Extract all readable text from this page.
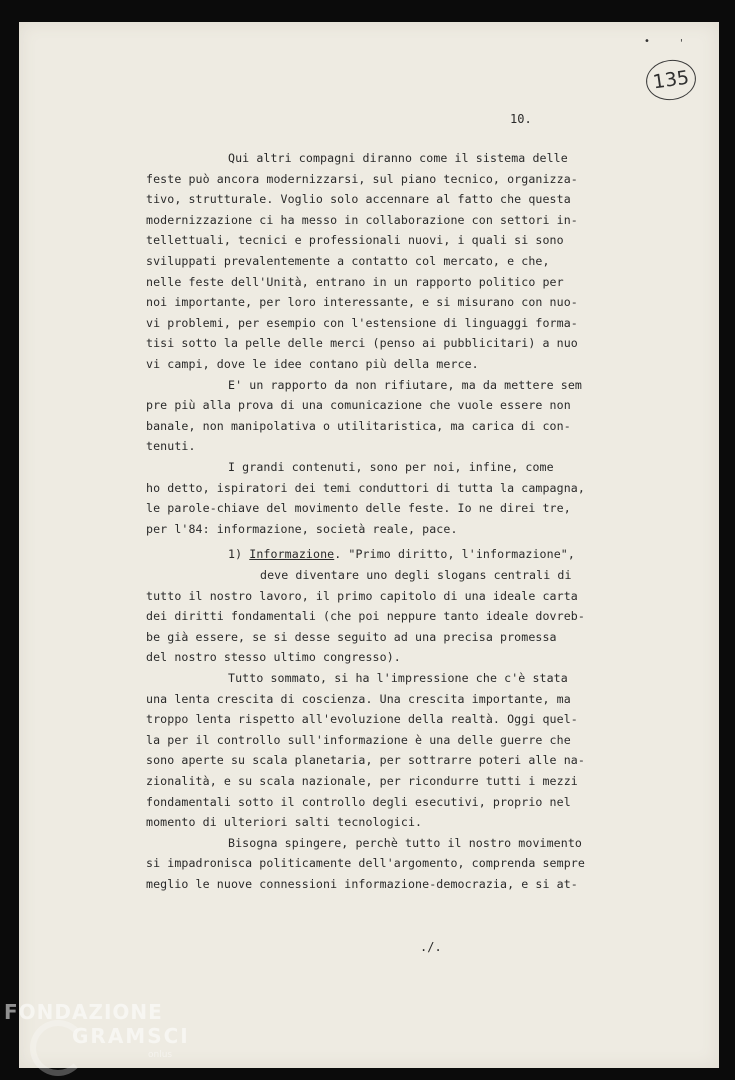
10.
135
•	'
Qui altri compagni diranno come il sistema delle
feste può ancora modernizzarsi, sul piano tecnico, organizza-
tivo, strutturale. Voglio solo accennare al fatto che questa
modernizzazione ci ha messo in collaborazione con settori in-
tellettuali, tecnici e professionali nuovi, i quali si sono
sviluppati prevalentemente a contatto col mercato, e che,
nelle feste dell'Unità, entrano in un rapporto politico per
noi importante, per loro interessante, e si misurano con nuo-
vi problemi, per esempio con l'estensione di linguaggi forma-
tisi sotto la pelle delle merci (penso ai pubblicitari) a nuo
vi campi, dove le idee contano più della merce.
E' un rapporto da non rifiutare, ma da mettere sem
pre più alla prova di una comunicazione che vuole essere non
banale, non manipolativa o utilitaristica, ma carica di con-
tenuti.
I grandi contenuti, sono per noi, infine, come
ho detto, ispiratori dei temi conduttori di tutta la campagna,
le parole-chiave del movimento delle feste. Io ne direi tre,
per l'84: informazione, società reale, pace.
1) Informazione. "Primo diritto, l'informazione",
deve diventare uno degli slogans centrali di
tutto il nostro lavoro, il primo capitolo di una ideale carta
dei diritti fondamentali (che poi neppure tanto ideale dovreb-
be già essere, se si desse seguito ad una precisa promessa
del nostro stesso ultimo congresso).
Tutto sommato, si ha l'impressione che c'è stata
una lenta crescita di coscienza. Una crescita importante, ma
troppo lenta rispetto all'evoluzione della realtà. Oggi quel-
la per il controllo sull'informazione è una delle guerre che
sono aperte su scala planetaria, per sottrarre poteri alle na-
zionalità, e su scala nazionale, per ricondurre tutti i mezzi
fondamentali sotto il controllo degli esecutivi, proprio nel
momento di ulteriori salti tecnologici.
Bisogna spingere, perchè tutto il nostro movimento
si impadronisca politicamente dell'argomento, comprenda sempre
meglio le nuove connessioni informazione-democrazia, e si at-
./.
FONDAZIONE
GRAMSCI
onlus
